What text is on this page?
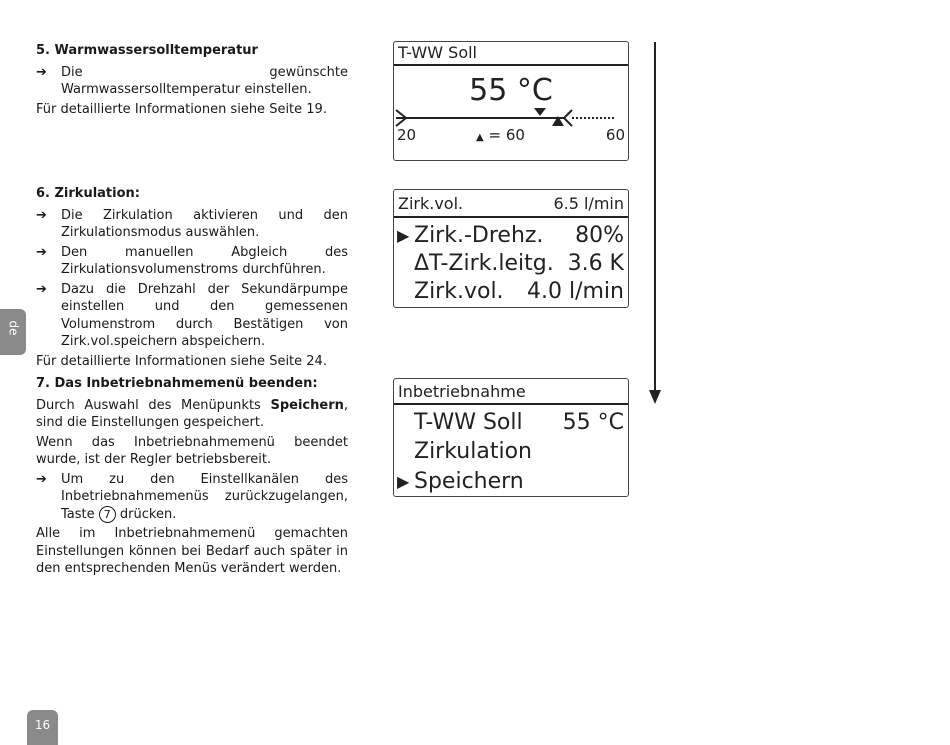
5. Warmwassersolltemperatur
➔	Die gewünschte Warmwassersolltemperatur einstellen.
Für detaillierte Informationen siehe Seite 19.
6. Zirkulation:
➔	Die Zirkulation aktivieren und den Zirkulationsmodus auswählen.
➔	Den manuellen Abgleich des Zirkulationsvolumenstroms durchführen.
➔	Dazu die Drehzahl der Sekundärpumpe einstellen und den gemessenen Volumenstrom durch Bestätigen von Zirk.vol.speichern abspeichern.
Für detaillierte Informationen siehe Seite 24.
7. Das Inbetriebnahmemenü beenden:
Durch Auswahl des Menüpunkts Speichern, sind die Einstellungen gespeichert.
Wenn das Inbetriebnahmemenü beendet wurde, ist der Regler betriebsbereit.
➔	Um zu den Einstellkanälen des Inbetriebnahmemenüs zurückzugelangen, Taste 7 drücken.
Alle im Inbetriebnahmemenü gemachten Einstellungen können bei Bedarf auch später in den entsprechenden Menüs verändert werden.
T-WW Soll
55 °C
20	▲ = 60	60
Zirk.vol.	6.5 l/min
▶ Zirk.-Drehz. 80%
ΔT-Zirk.leitg. 3.6 K
Zirk.vol. 4.0 l/min
Inbetriebnahme
T-WW Soll 55 °C
Zirkulation
▶ Speichern
de
16
